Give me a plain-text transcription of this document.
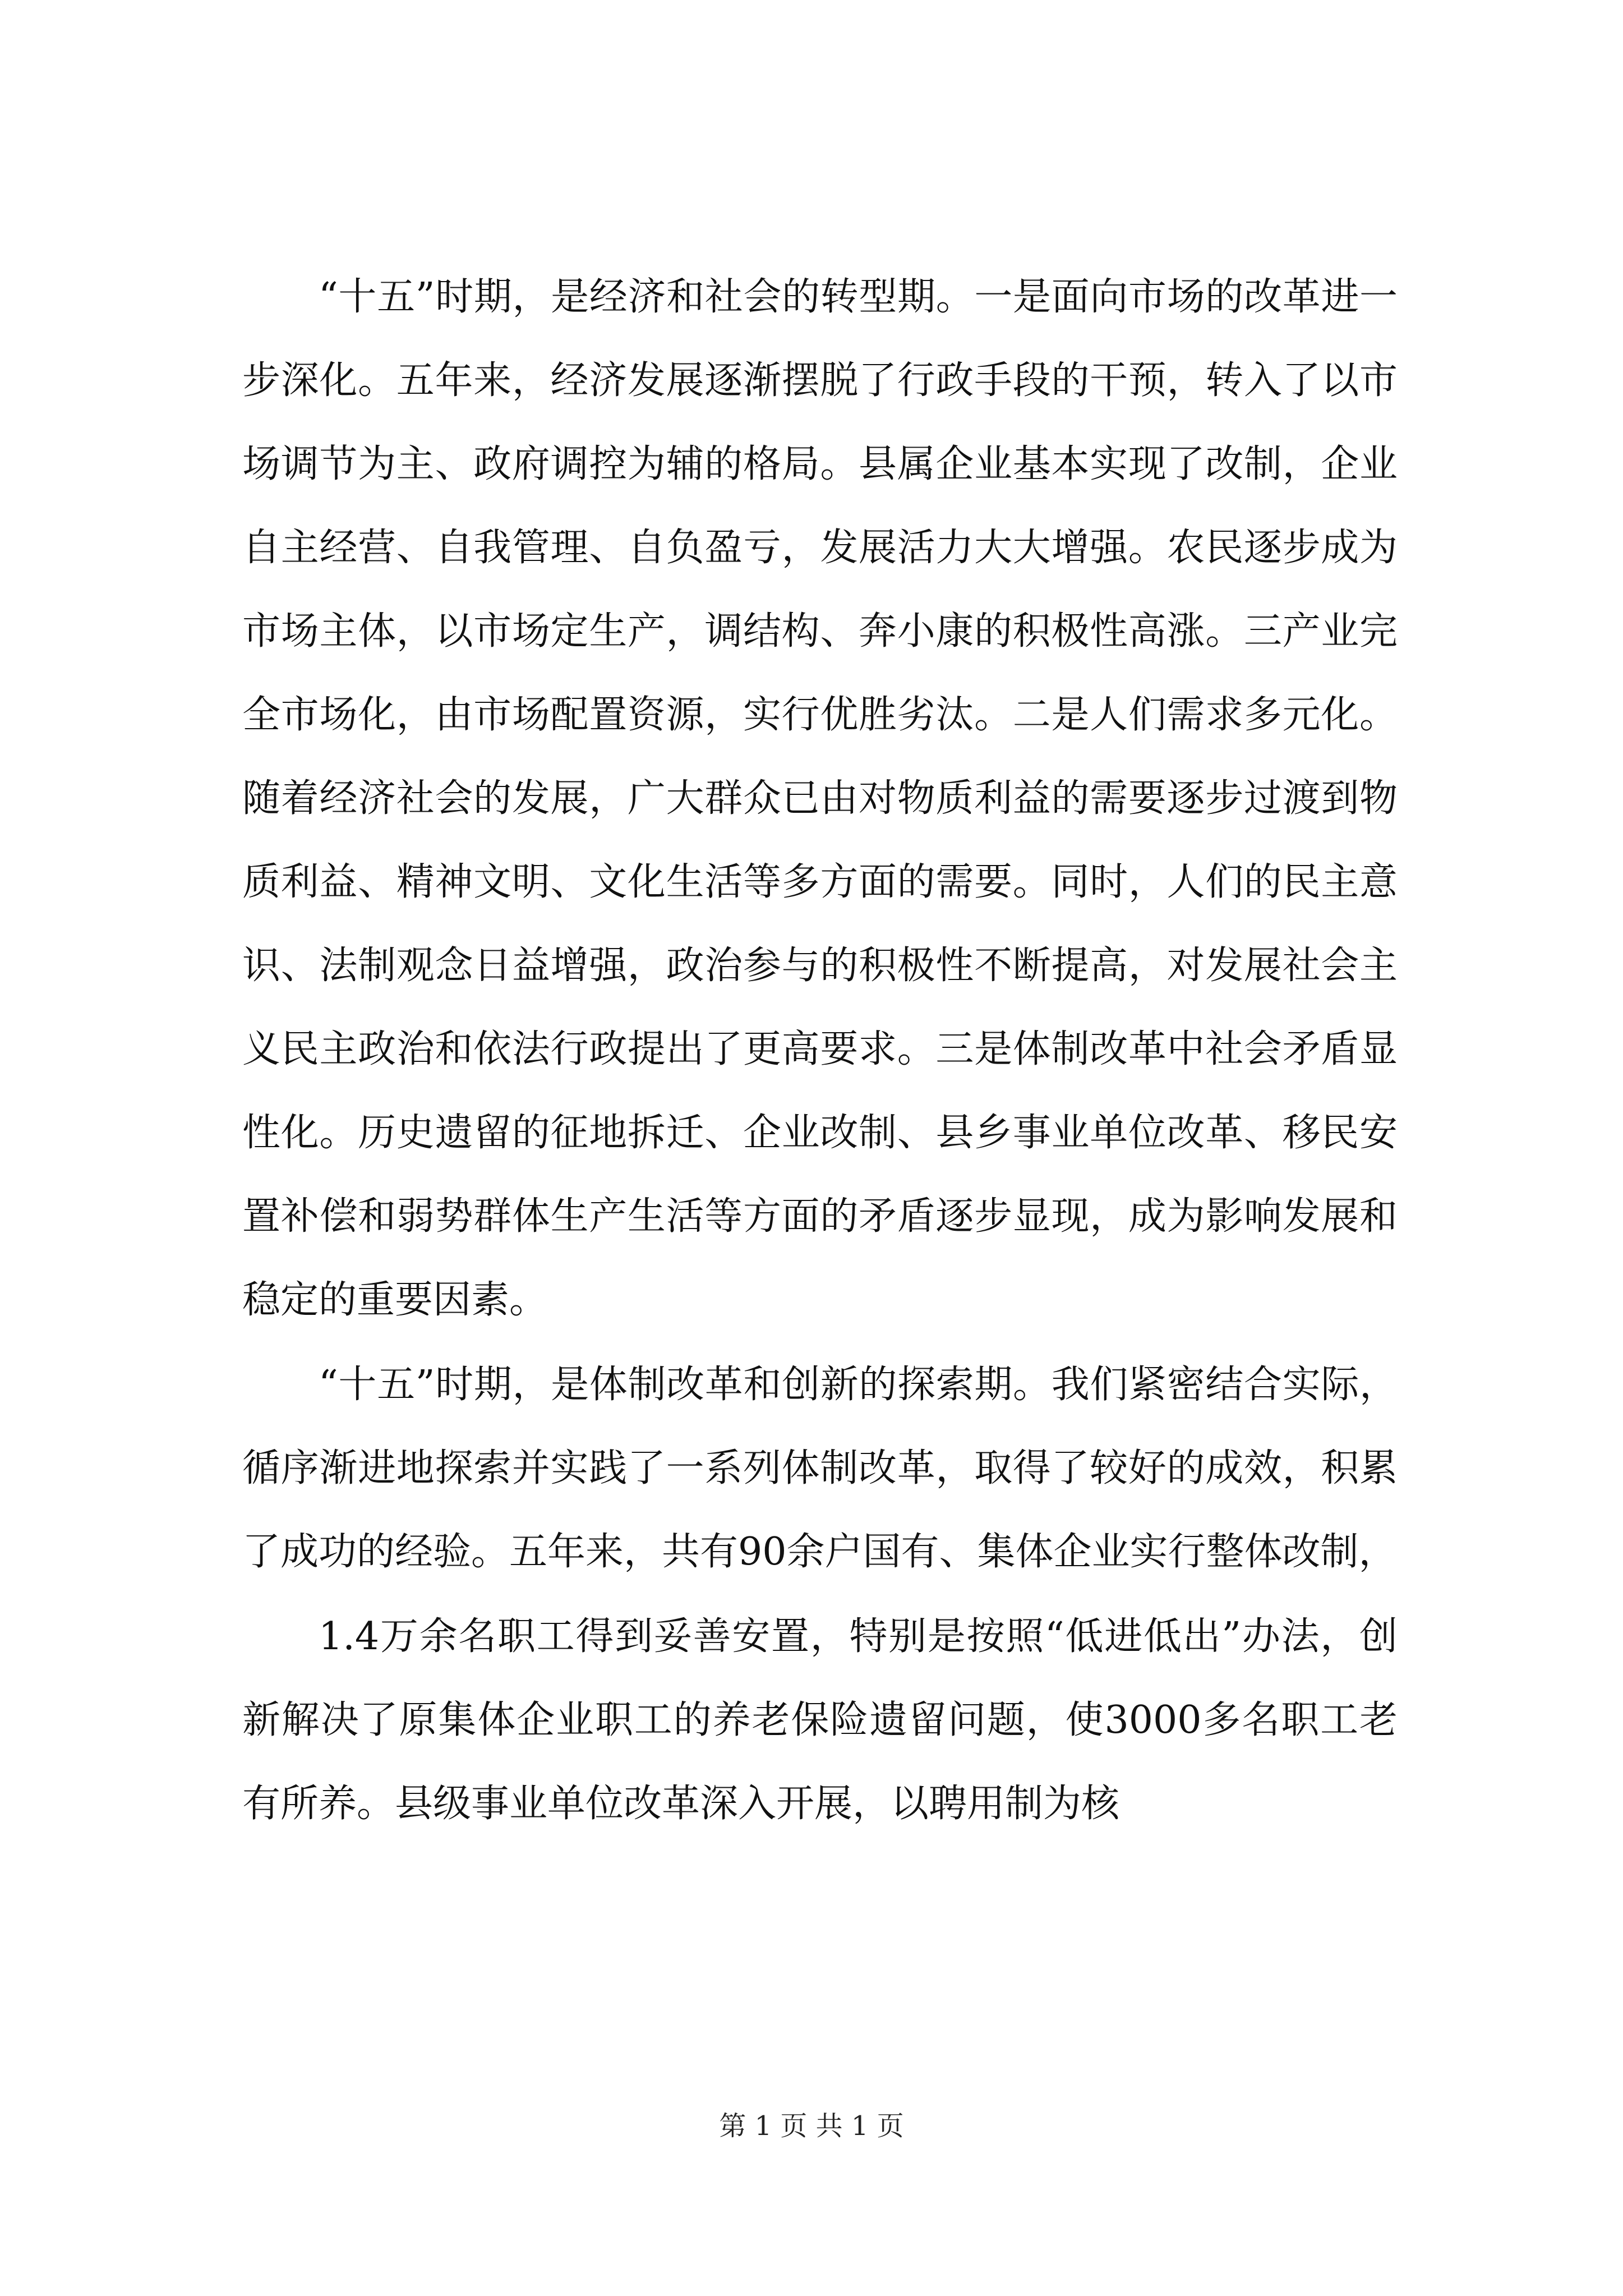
“十五”时期，是经济和社会的转型期。一是面向市场的改革进一步深化。五年来，经济发展逐渐摆脱了行政手段的干预，转入了以市场调节为主、政府调控为辅的格局。县属企业基本实现了改制，企业自主经营、自我管理、自负盈亏，发展活力大大增强。农民逐步成为市场主体，以市场定生产，调结构、奔小康的积极性高涨。三产业完全市场化，由市场配置资源，实行优胜劣汰。二是人们需求多元化。随着经济社会的发展，广大群众已由对物质利益的需要逐步过渡到物质利益、精神文明、文化生活等多方面的需要。同时，人们的民主意识、法制观念日益增强，政治参与的积极性不断提高，对发展社会主义民主政治和依法行政提出了更高要求。三是体制改革中社会矛盾显性化。历史遗留的征地拆迁、企业改制、县乡事业单位改革、移民安置补偿和弱势群体生产生活等方面的矛盾逐步显现，成为影响发展和稳定的重要因素。

“十五”时期，是体制改革和创新的探索期。我们紧密结合实际，循序渐进地探索并实践了一系列体制改革，取得了较好的成效，积累了成功的经验。五年来，共有90余户国有、集体企业实行整体改制，

1.4万余名职工得到妥善安置，特别是按照“低进低出”办法，创新解决了原集体企业职工的养老保险遗留问题，使3000多名职工老有所养。县级事业单位改革深入开展，以聘用制为核

第 1 页 共 1 页
